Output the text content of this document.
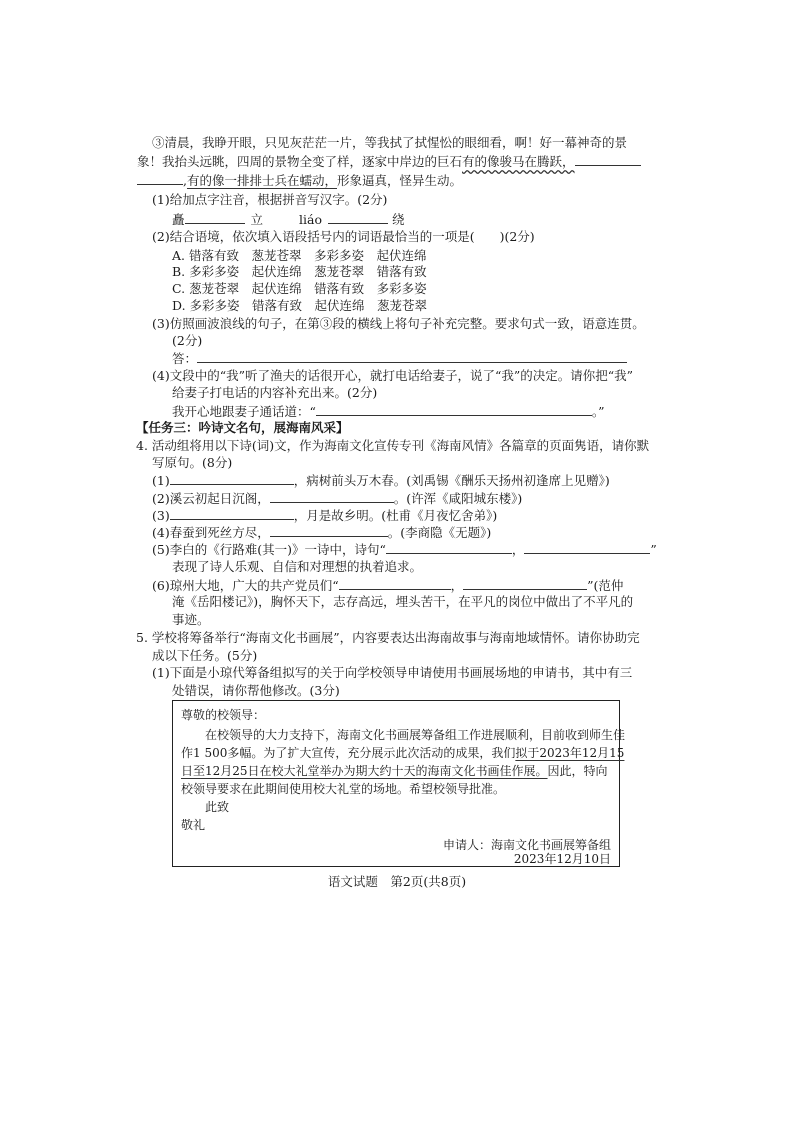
③清晨，我睁开眼，只见灰茫茫一片，等我拭了拭惺忪的眼细看，啊！好一幕神奇的景
象！我抬头远眺，四周的景物全变了样，逐家中岸边的巨石有的像骏马在腾跃，
,有的像一排排士兵在蠕动，形象逼真，怪异生动。
(1)给加点字注音，根据拼音写汉字。(2分)
矗	立	liáo	绕
(2)结合语境，依次填入语段括号内的词语最恰当的一项是(　　)(2分)
A. 错落有致　葱茏苍翠　多彩多姿　起伏连绵
B. 多彩多姿　起伏连绵　葱茏苍翠　错落有致
C. 葱茏苍翠　起伏连绵　错落有致　多彩多姿
D. 多彩多姿　错落有致　起伏连绵　葱茏苍翠
(3)仿照画波浪线的句子，在第③段的横线上将句子补充完整。要求句式一致，语意连贯。
(2分)
答：
(4)文段中的“我”听了渔夫的话很开心，就打电话给妻子，说了“我”的决定。请你把“我”
给妻子打电话的内容补充出来。(2分)
我开心地跟妻子通话道：“	。”
【任务三：吟诗文名句，展海南风采】
4. 活动组将用以下诗(词)文，作为海南文化宣传专刊《海南风情》各篇章的页面隽语，请你默
写原句。(8分)
(1)	，病树前头万木春。(刘禹锡《酬乐天扬州初逢席上见赠》)
(2)溪云初起日沉阁，	。(许浑《咸阳城东楼》)
(3)	，月是故乡明。(杜甫《月夜忆舍弟》)
(4)春蚕到死丝方尽，	。(李商隐《无题》)
(5)李白的《行路难(其一)》一诗中，诗句“	，	”
表现了诗人乐观、自信和对理想的执着追求。
(6)琼州大地，广大的共产党员们“	，	”(范仲
淹《岳阳楼记》)，胸怀天下，志存高远，埋头苦干，在平凡的岗位中做出了不平凡的
事迹。
5. 学校将筹备举行“海南文化书画展”，内容要表达出海南故事与海南地域情怀。请你协助完
成以下任务。(5分)
(1)下面是小琼代筹备组拟写的关于向学校领导申请使用书画展场地的申请书，其中有三
处错误，请你帮他修改。(3分)
尊敬的校领导：
在校领导的大力支持下，海南文化书画展筹备组工作进展顺利，目前收到师生佳
作1 500多幅。为了扩大宣传，充分展示此次活动的成果，我们拟于2023年12月15
日至12月25日在校大礼堂举办为期大约十天的海南文化书画佳作展。因此，特向
校领导要求在此期间使用校大礼堂的场地。希望校领导批准。
此致
敬礼
申请人：海南文化书画展筹备组
2023年12月10日
语文试题　第2页(共8页)
